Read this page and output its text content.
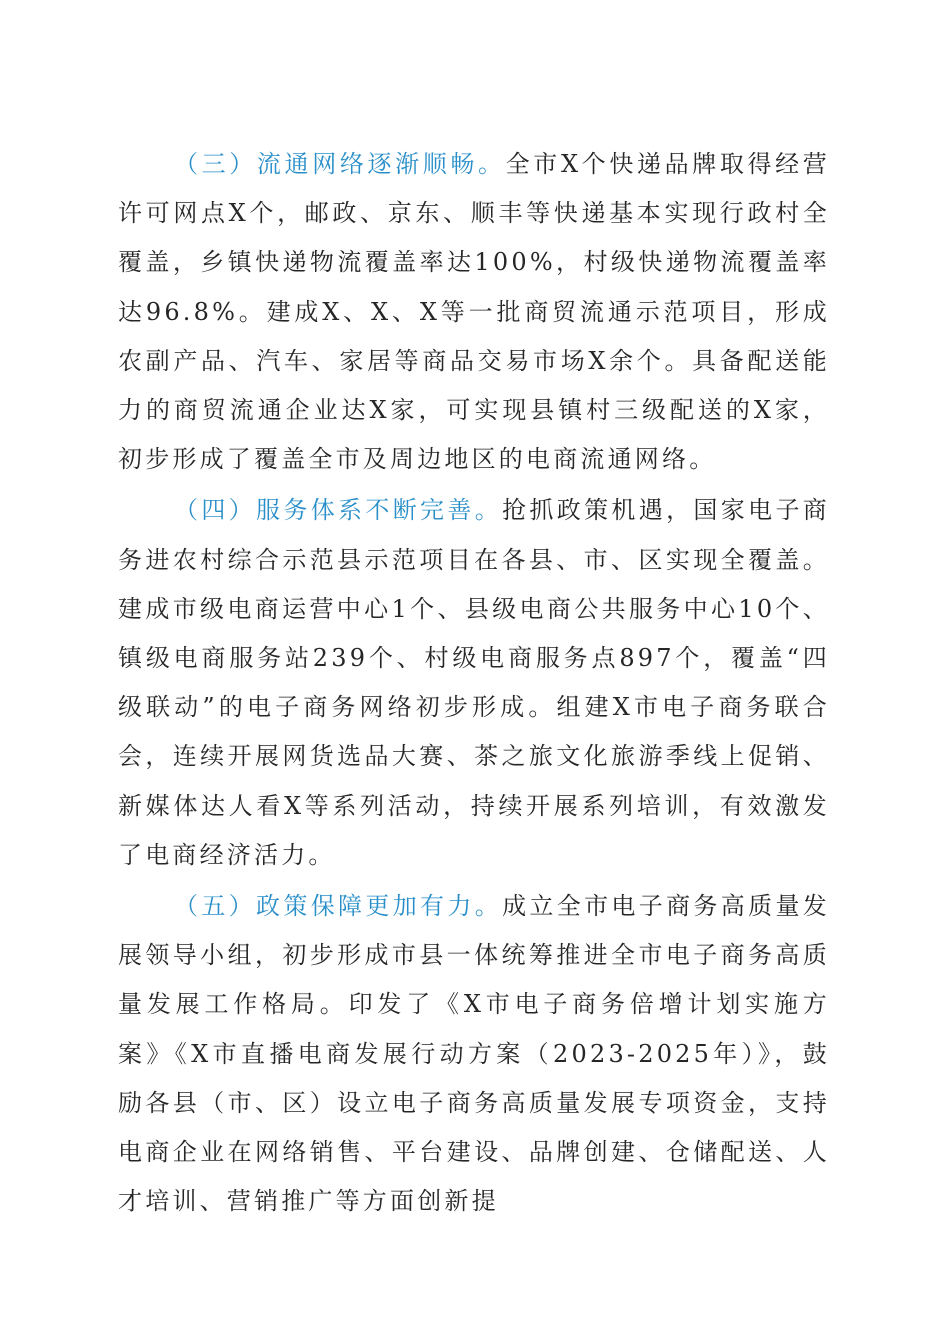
（三）流通网络逐渐顺畅。全市X个快递品牌取得经营许可网点X个，邮政、京东、顺丰等快递基本实现行政村全覆盖，乡镇快递物流覆盖率达100%，村级快递物流覆盖率达96.8%。建成X、X、X等一批商贸流通示范项目，形成农副产品、汽车、家居等商品交易市场X余个。具备配送能力的商贸流通企业达X家，可实现县镇村三级配送的X家，初步形成了覆盖全市及周边地区的电商流通网络。

（四）服务体系不断完善。抢抓政策机遇，国家电子商务进农村综合示范县示范项目在各县、市、区实现全覆盖。建成市级电商运营中心1个、县级电商公共服务中心10个、镇级电商服务站239个、村级电商服务点897个，覆盖“四级联动”的电子商务网络初步形成。组建X市电子商务联合会，连续开展网货选品大赛、茶之旅文化旅游季线上促销、新媒体达人看X等系列活动，持续开展系列培训，有效激发了电商经济活力。

（五）政策保障更加有力。成立全市电子商务高质量发展领导小组，初步形成市县一体统筹推进全市电子商务高质量发展工作格局。印发了《X市电子商务倍增计划实施方案》《X市直播电商发展行动方案（2023-2025年）》，鼓励各县（市、区）设立电子商务高质量发展专项资金，支持电商企业在网络销售、平台建设、品牌创建、仓储配送、人才培训、营销推广等方面创新提
